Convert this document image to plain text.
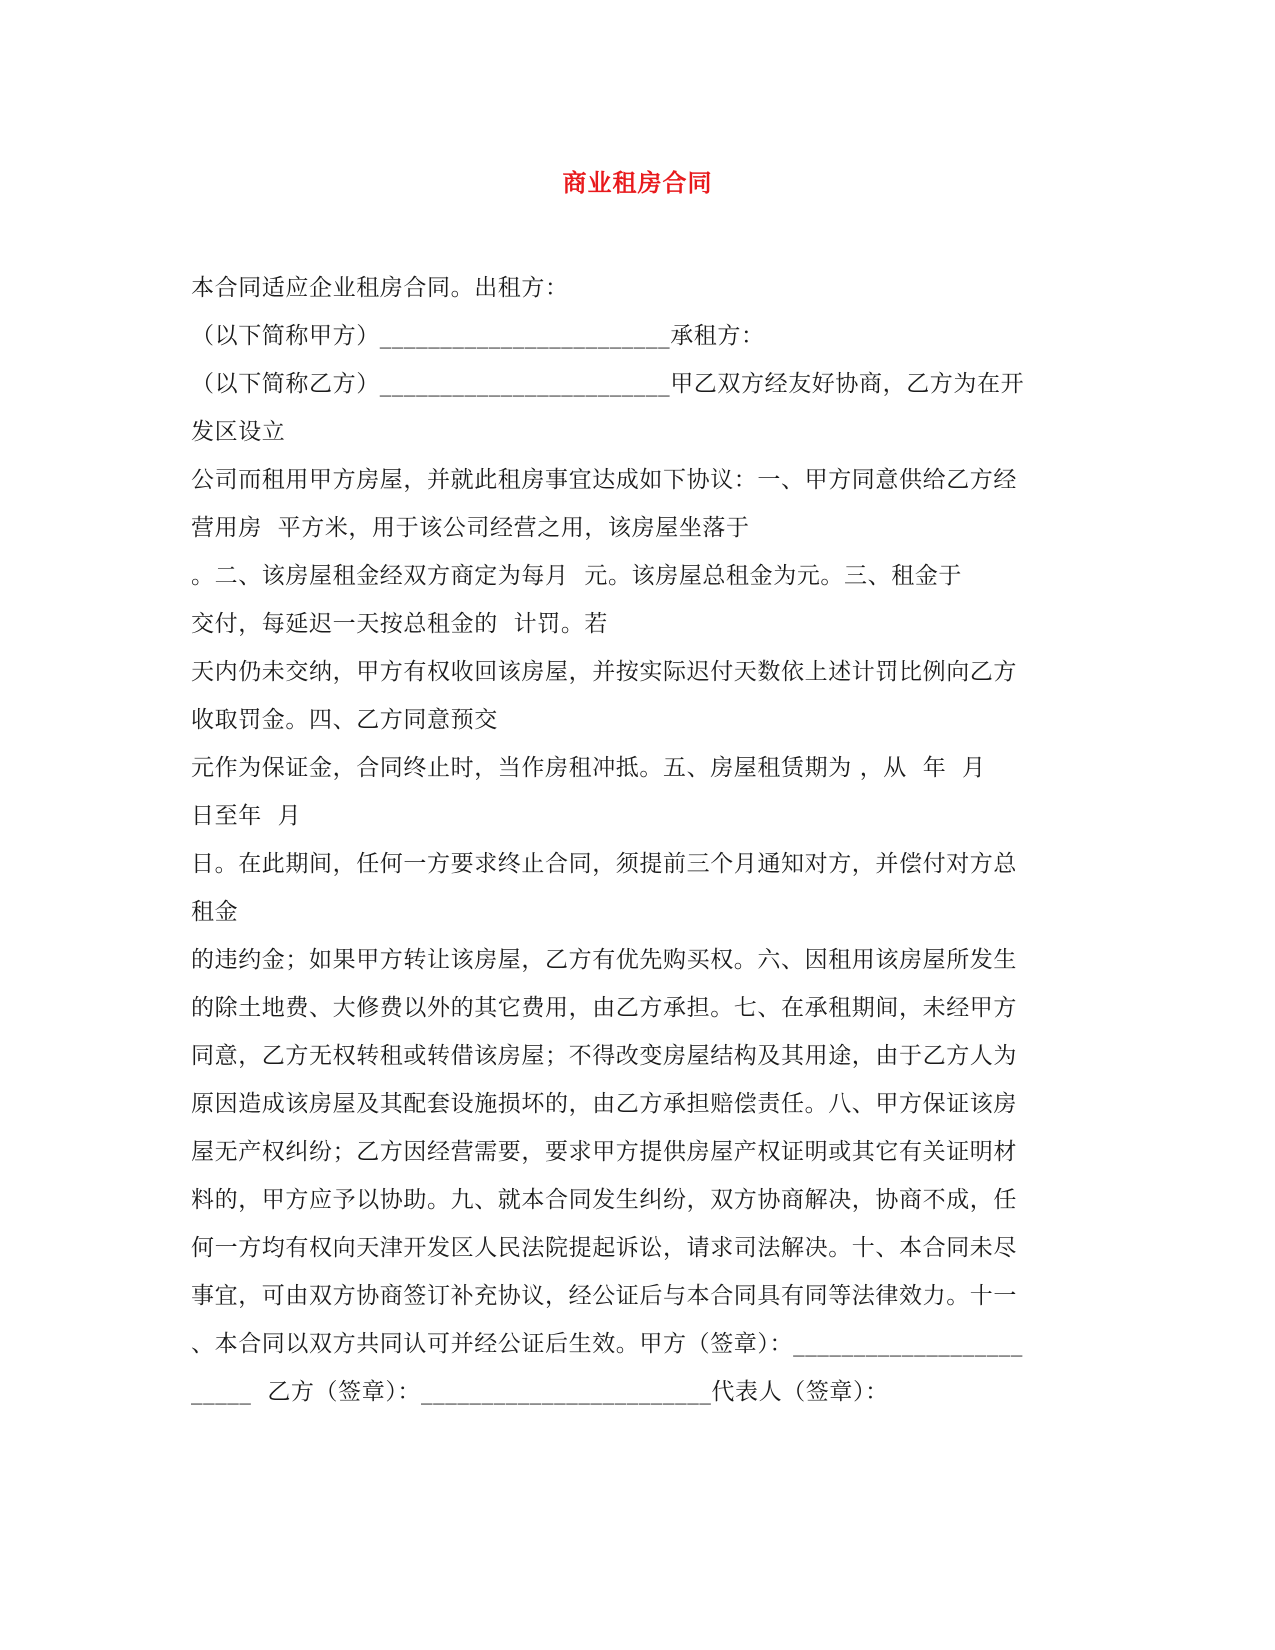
商业租房合同
本合同适应企业租房合同。出租方：
（以下简称甲方）________________________承租方：
（以下简称乙方）________________________甲乙双方经友好协商，乙方为在开
发区设立
公司而租用甲方房屋，并就此租房事宜达成如下协议：一、甲方同意供给乙方经
营用房  平方米，用于该公司经营之用，该房屋坐落于
。二、该房屋租金经双方商定为每月  元。该房屋总租金为元。三、租金于
交付，每延迟一天按总租金的  计罚。若
天内仍未交纳，甲方有权收回该房屋，并按实际迟付天数依上述计罚比例向乙方
收取罚金。四、乙方同意预交
元作为保证金，合同终止时，当作房租冲抵。五、房屋租赁期为 ，从  年  月
日至年  月
日。在此期间，任何一方要求终止合同，须提前三个月通知对方，并偿付对方总
租金
的违约金；如果甲方转让该房屋，乙方有优先购买权。六、因租用该房屋所发生
的除土地费、大修费以外的其它费用，由乙方承担。七、在承租期间，未经甲方
同意，乙方无权转租或转借该房屋；不得改变房屋结构及其用途，由于乙方人为
原因造成该房屋及其配套设施损坏的，由乙方承担赔偿责任。八、甲方保证该房
屋无产权纠纷；乙方因经营需要，要求甲方提供房屋产权证明或其它有关证明材
料的，甲方应予以协助。九、就本合同发生纠纷，双方协商解决，协商不成，任
何一方均有权向天津开发区人民法院提起诉讼，请求司法解决。十、本合同未尽
事宜，可由双方协商签订补充协议，经公证后与本合同具有同等法律效力。十一
、本合同以双方共同认可并经公证后生效。甲方（签章）：___________________
_____  乙方（签章）：________________________代表人（签章）：
